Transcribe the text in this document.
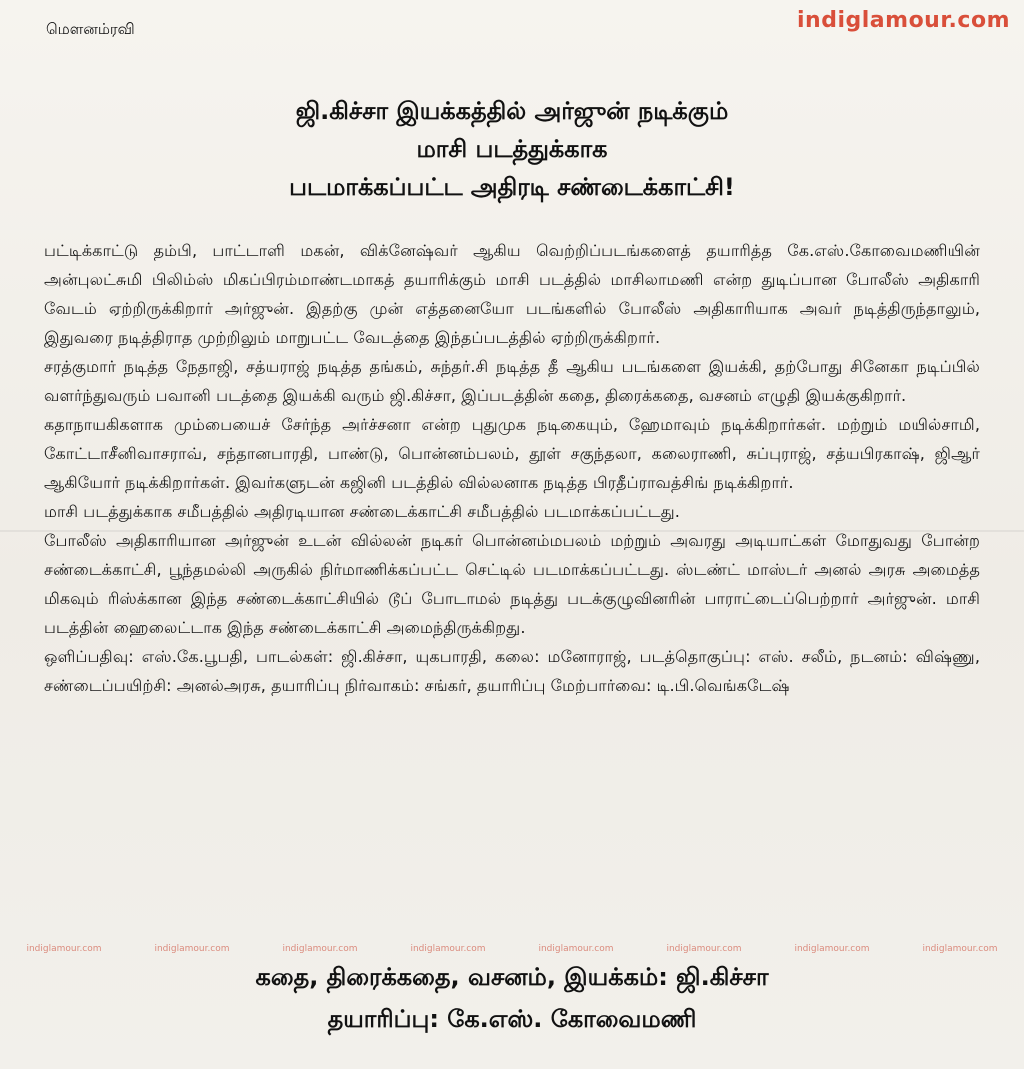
மௌனம்ரவி	indiglamour.com
ஜி.கிச்சா இயக்கத்தில் அர்ஜுன் நடிக்கும்
மாசி படத்துக்காக
படமாக்கப்பட்ட அதிரடி சண்டைக்காட்சி!

பட்டிக்காட்டு தம்பி, பாட்டாளி மகன், விக்னேஷ்வர் ஆகிய வெற்றிப்படங்களைத் தயாரித்த கே.எஸ்.கோவைமணியின் அன்புலட்சுமி பிலிம்ஸ் மிகப்பிரம்மாண்டமாகத் தயாரிக்கும் மாசி படத்தில் மாசிலாமணி என்ற துடிப்பான போலீஸ் அதிகாரி வேடம் ஏற்றிருக்கிறார் அர்ஜுன். இதற்கு முன் எத்தனையோ படங்களில் போலீஸ் அதிகாரியாக அவர் நடித்திருந்தாலும், இதுவரை நடித்திராத முற்றிலும் மாறுபட்ட வேடத்தை இந்தப்படத்தில் ஏற்றிருக்கிறார்.

சரத்குமார் நடித்த நேதாஜி, சத்யராஜ் நடித்த தங்கம், சுந்தர்.சி நடித்த தீ ஆகிய படங்களை இயக்கி, தற்போது சினேகா நடிப்பில் வளர்ந்துவரும் பவானி படத்தை இயக்கி வரும் ஜி.கிச்சா, இப்படத்தின் கதை, திரைக்கதை, வசனம் எழுதி இயக்குகிறார்.

கதாநாயகிகளாக மும்பையைச் சேர்ந்த அர்ச்சனா என்ற புதுமுக நடிகையும், ஹேமாவும் நடிக்கிறார்கள். மற்றும் மயில்சாமி, கோட்டாசீனிவாசராவ், சந்தானபாரதி, பாண்டு, பொன்னம்பலம், தூள் சகுந்தலா, கலைராணி, சுப்புராஜ், சத்யபிரகாஷ், ஜிஆர் ஆகியோர் நடிக்கிறார்கள். இவர்களுடன் கஜினி படத்தில் வில்லனாக நடித்த பிரதீப்ராவத்சிங் நடிக்கிறார்.

மாசி படத்துக்காக சமீபத்தில் அதிரடியான சண்டைக்காட்சி சமீபத்தில் படமாக்கப்பட்டது.

போலீஸ் அதிகாரியான அர்ஜுன் உடன் வில்லன் நடிகர் பொன்னம்மபலம் மற்றும் அவரது அடியாட்கள் மோதுவது போன்ற சண்டைக்காட்சி, பூந்தமல்லி அருகில் நிர்மாணிக்கப்பட்ட செட்டில் படமாக்கப்பட்டது. ஸ்டண்ட் மாஸ்டர் அனல் அரசு அமைத்த மிகவும் ரிஸ்க்கான இந்த சண்டைக்காட்சியில் டூப் போடாமல் நடித்து படக்குழுவினரின் பாராட்டைப்பெற்றார் அர்ஜுன். மாசி படத்தின் ஹைலைட்டாக இந்த சண்டைக்காட்சி அமைந்திருக்கிறது.

ஒளிப்பதிவு: எஸ்.கே.பூபதி, பாடல்கள்: ஜி.கிச்சா, யுகபாரதி, கலை: மனோராஜ், படத்தொகுப்பு: எஸ். சலீம், நடனம்: விஷ்ணு, சண்டைப்பயிற்சி: அனல்அரசு, தயாரிப்பு நிர்வாகம்: சங்கர், தயாரிப்பு மேற்பார்வை: டி.பி.வெங்கடேஷ்

indiglamour.com	indiglamour.com	indiglamour.com	indiglamour.com	indiglamour.com	indiglamour.com	indiglamour.com	indiglamour.com
கதை, திரைக்கதை, வசனம், இயக்கம்: ஜி.கிச்சா
தயாரிப்பு: கே.எஸ். கோவைமணி
